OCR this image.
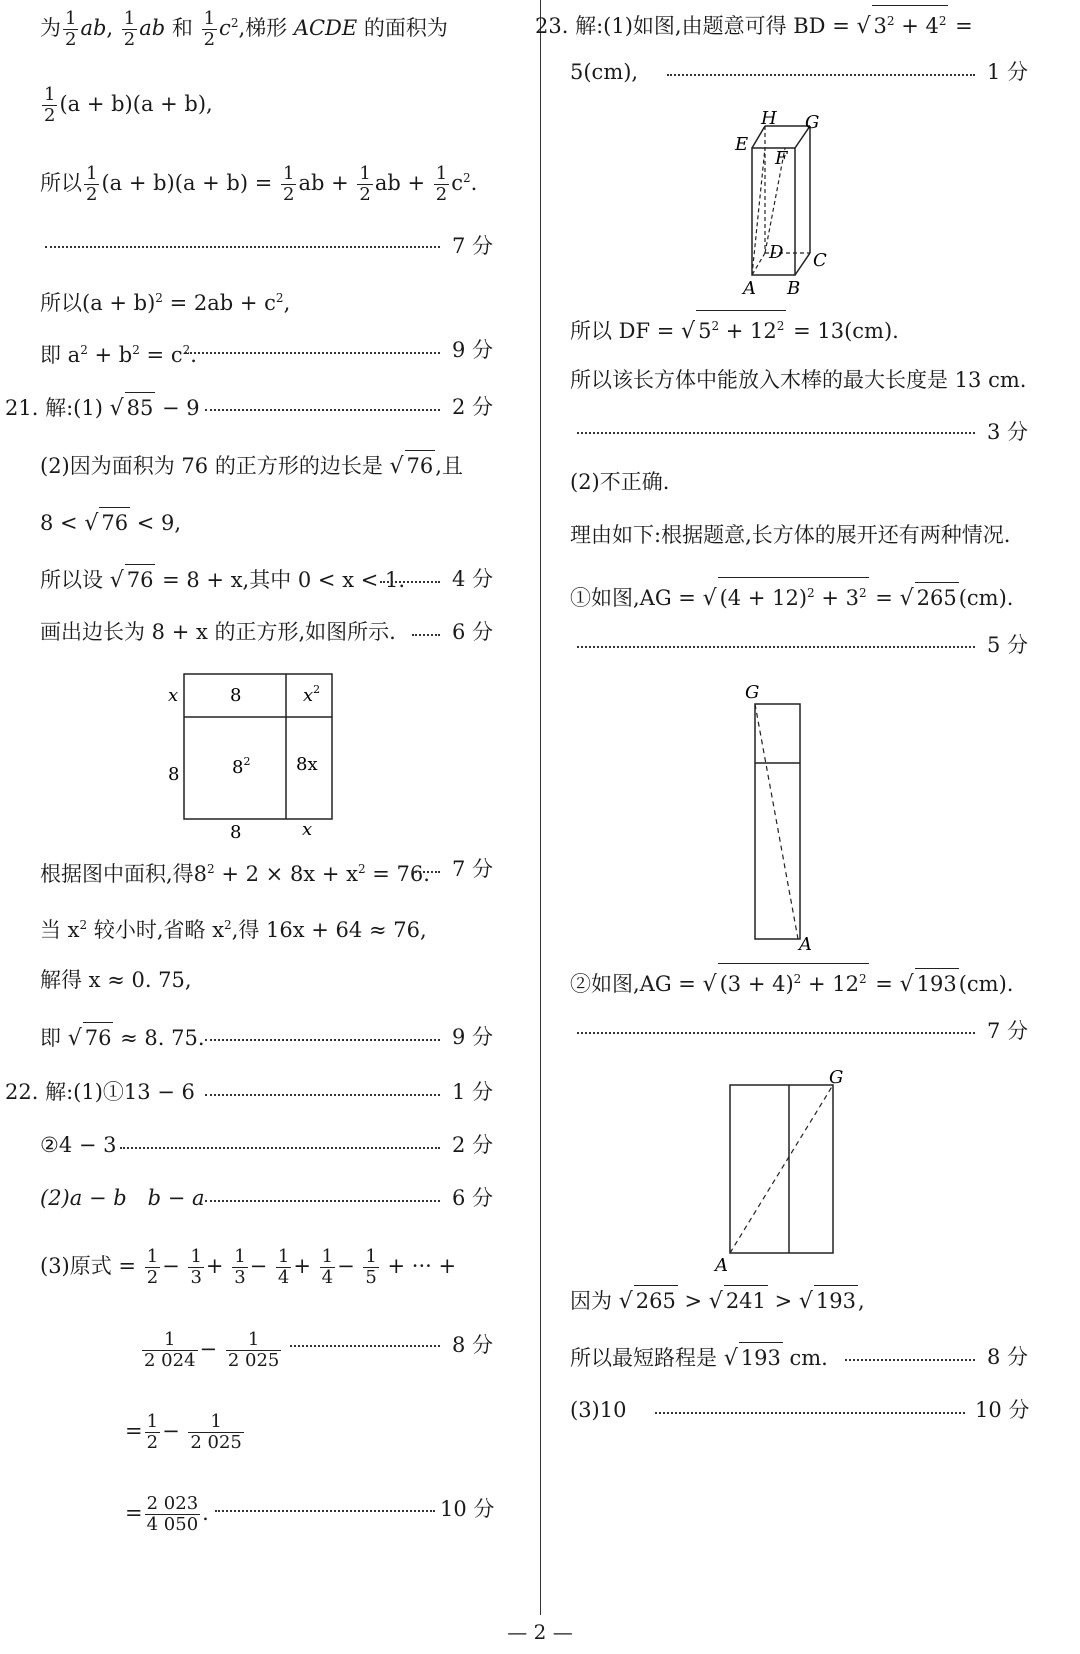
为 $\frac{1}{2}$ ab, $\frac{1}{2}$ ab 和 $\frac{1}{2} c^2$,梯形 ACDE 的面积为
$\frac{1}{2} (a + b)(a + b)$,
所以 $\frac{1}{2} (a + b)(a + b) = \frac{1}{2}$ ab + $\frac{1}{2}$ ab + $\frac{1}{2} c^2$.
7 分
所以$(a + b)^2 = 2ab + c^2$,
即 $a^2 + b^2 = c^2$.	9 分
21. 解:(1) √ 85 − 9	2 分
(2)因为面积为 76 的正方形的边长是 √ 76,且
8 < √ 76 < 9,
所以设 √ 76 = 8 + x,其中 0 < x < 1. 4 分
画出边长为 8 + x 的正方形,如图所示.	6 分
x	8	$x^2$
8	$8^2$	8x
8	x
根据图中面积,得$8^2 + 2 \times 8x + x^2 = 76$. 7 分
当 $x^2$ 较小时,省略 $x^2$,得 16x + 64 ≈ 76,
解得 x ≈ 0. 75,
即 √ 76 ≈ 8. 75.	9 分
22. 解:(1)①13 − 6	1 分
②4 − 3	2 分
(2)a − b　b − a	6 分
(3)原式 = $\frac{1}{2} - \frac{1}{3} + \frac{1}{3} - \frac{1}{4} + \frac{1}{4} - \frac{1}{5}$ + ··· +
$\frac{1}{2 024} - \frac{1}{2 025}$	8 分
= $\frac{1}{2} - \frac{1}{2 025}$
= $\frac{2 023}{4 050}$ .	10 分
23. 解:(1)如图,由题意可得 BD = √ $3^2 + 4^2$ =
5(cm),	1 分
H G
E
F
D C
A B
所以 DF = √ $5^2 + 12^2 = 13(cm)$.
所以该长方体中能放入木棒的最大长度是 13 cm.
3 分
(2)不正确.
理由如下:根据题意,长方体的展开还有两种情况.
①如图,AG = √ $(4 + 12)^2 + 3^2$ = √ 265(cm).
5 分
G
A
②如图,AG = √ $(3 + 4)^2 + 12^2$ = √ 193(cm).
7 分
G
A
因为 √ 265 > √ 241 > √ 193,
所以最短路程是 √ 193 cm.	8 分
(3)10	10 分
— 2 —
